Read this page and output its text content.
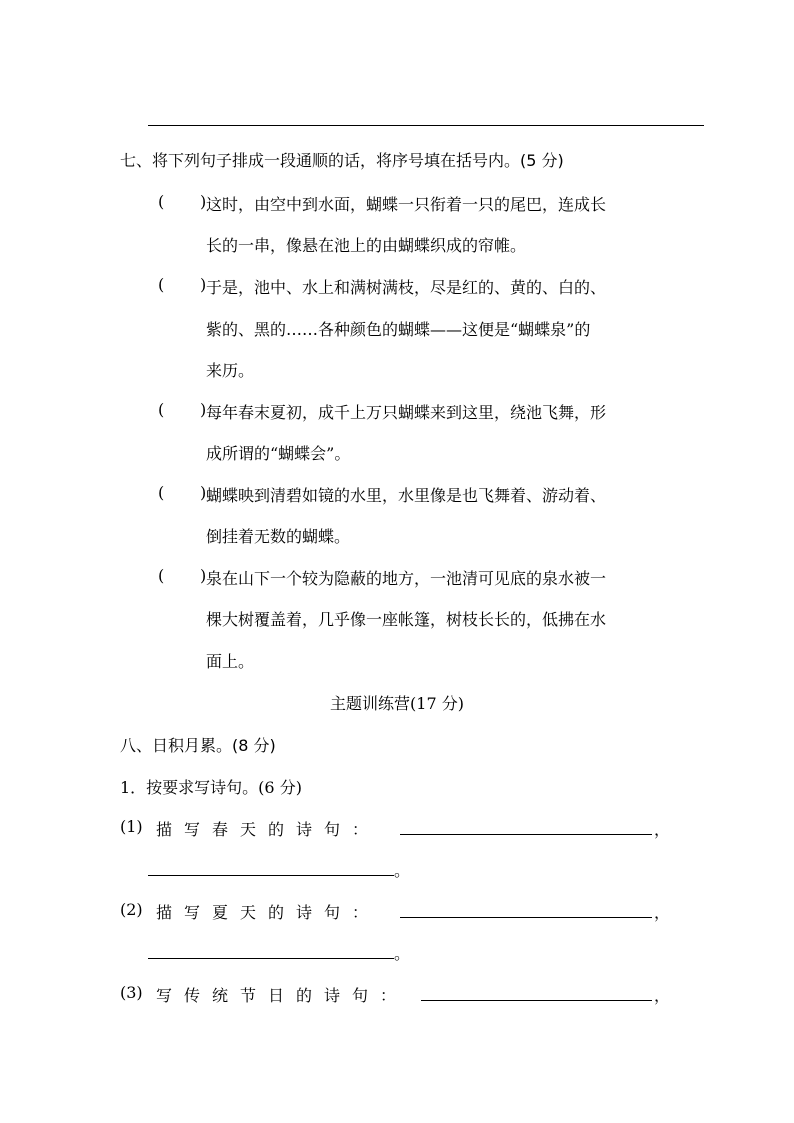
七、将下列句子排成一段通顺的话，将序号填在括号内。(5 分)
( ) 这时，由空中到水面，蝴蝶一只衔着一只的尾巴，连成长
长的一串，像悬在池上的由蝴蝶织成的帘帷。
( ) 于是，池中、水上和满树满枝，尽是红的、黄的、白的、
紫的、黑的……各种颜色的蝴蝶——这便是“蝴蝶泉”的
来历。
( ) 每年春末夏初，成千上万只蝴蝶来到这里，绕池飞舞，形
成所谓的“蝴蝶会”。
( ) 蝴蝶映到清碧如镜的水里，水里像是也飞舞着、游动着、
倒挂着无数的蝴蝶。
( ) 泉在山下一个较为隐蔽的地方，一池清可见底的泉水被一
棵大树覆盖着，几乎像一座帐篷，树枝长长的，低拂在水
面上。
主题训练营(17 分)
八、日积月累。(8 分)
1．按要求写诗句。(6 分)
(1) 描写春天的诗句：	，
。
(2) 描写夏天的诗句：	，
。
(3) 写传统节日的诗句：	，
